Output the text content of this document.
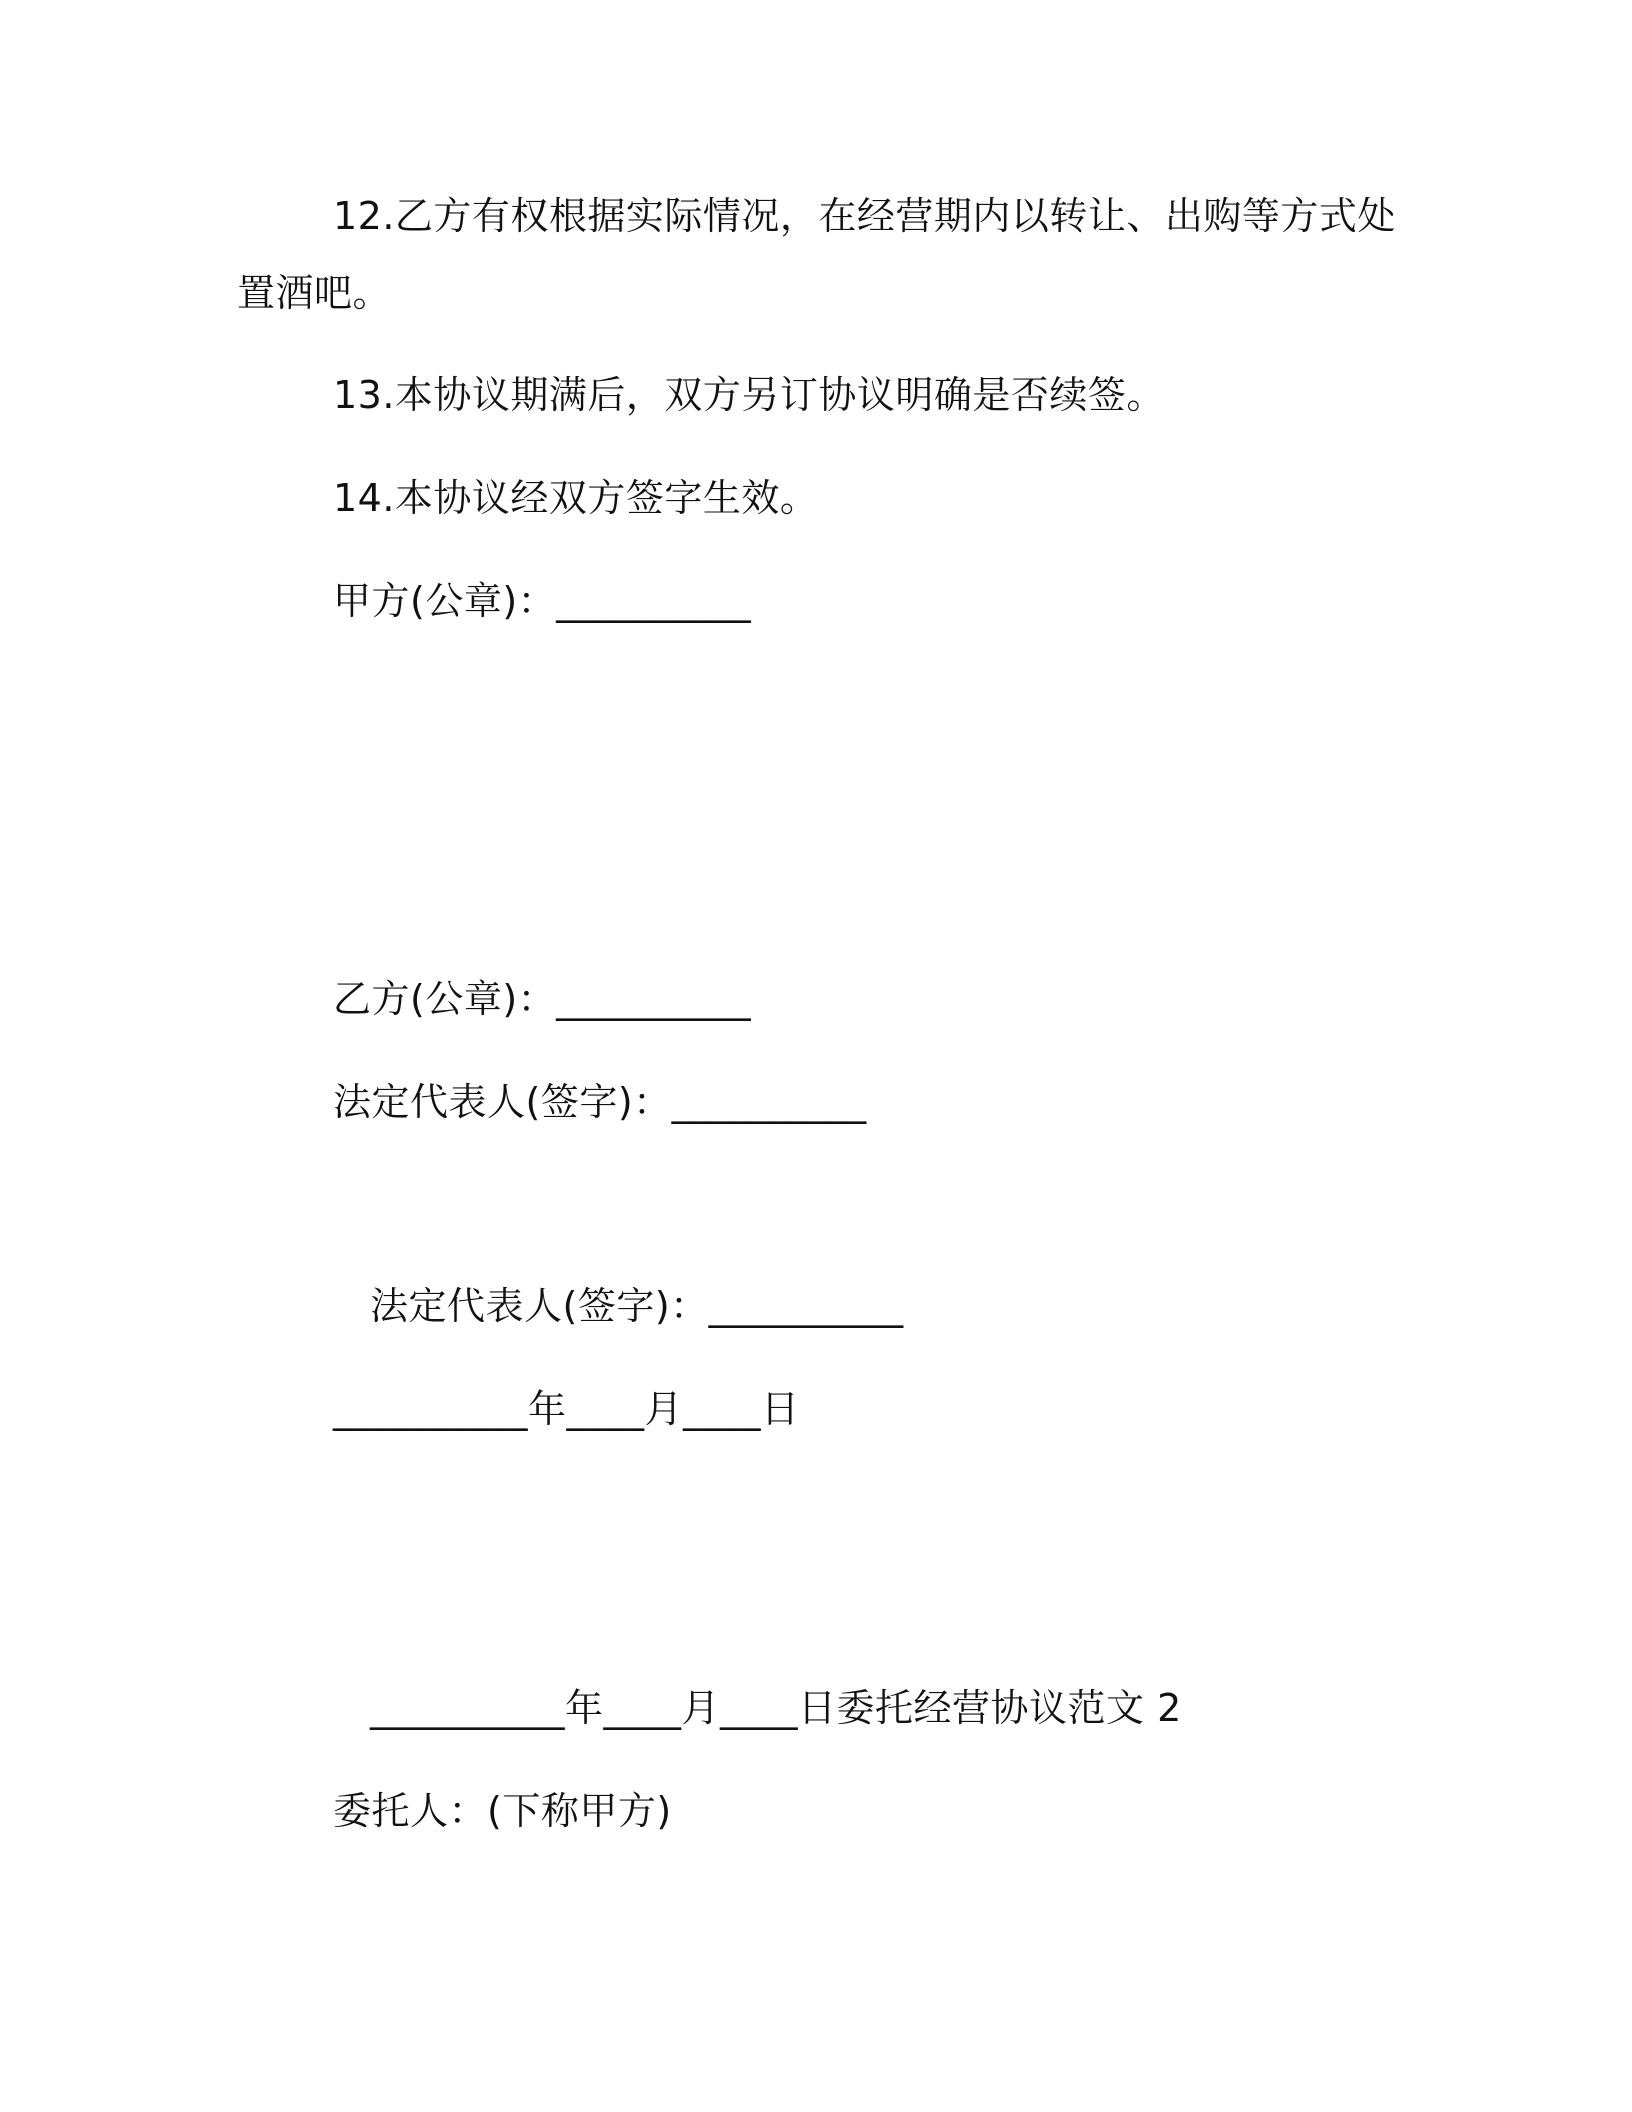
12.乙方有权根据实际情况，在经营期内以转让、出购等方式处
置酒吧。
13.本协议期满后，双方另订协议明确是否续签。
14.本协议经双方签字生效。
甲方(公章)：__________
乙方(公章)：__________
法定代表人(签字)：__________
法定代表人(签字)：__________
__________年____月____日
__________年____月____日委托经营协议范文 2
委托人：(下称甲方)
